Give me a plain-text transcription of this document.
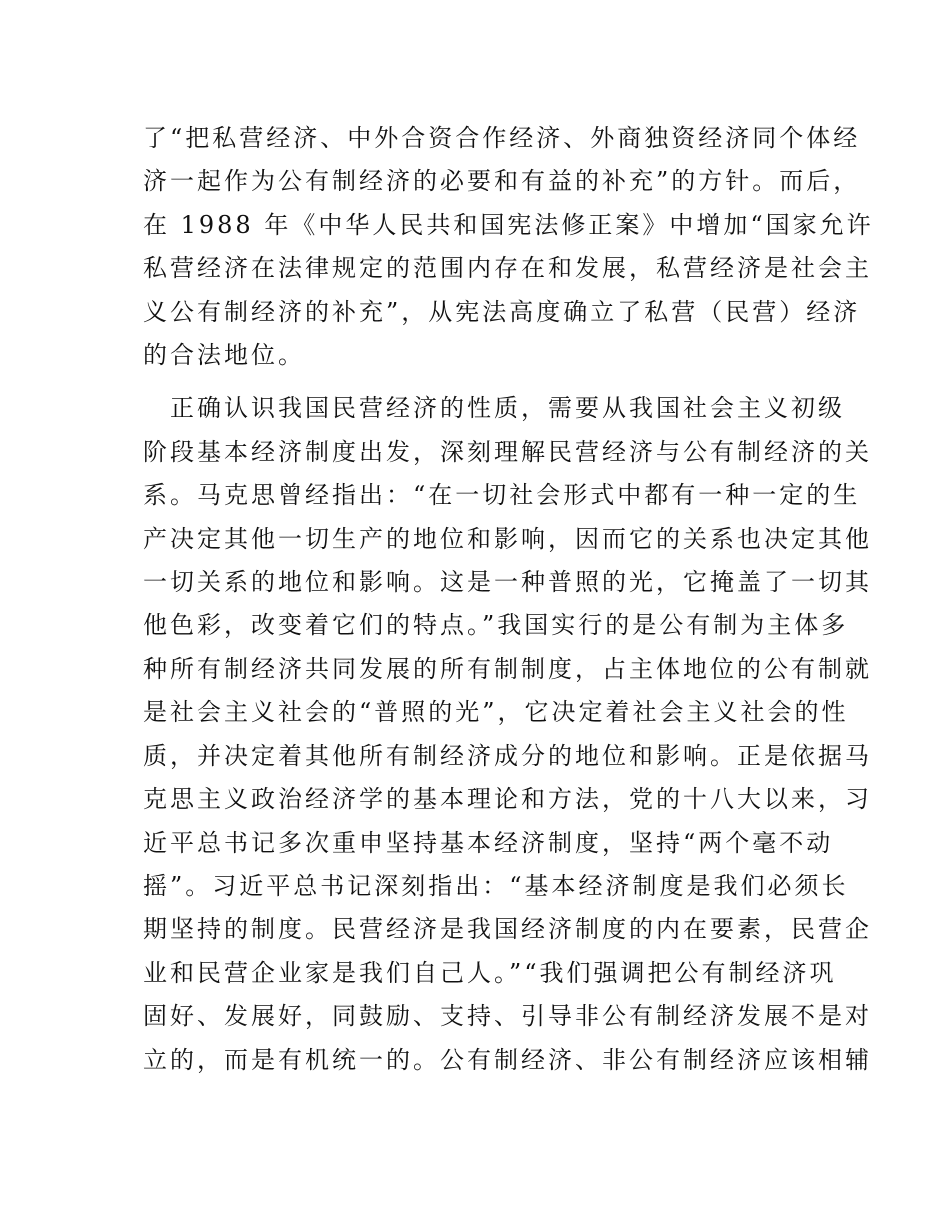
了“把私营经济、中外合资合作经济、外商独资经济同个体经
济一起作为公有制经济的必要和有益的补充”的方针。而后，
在 1988 年《中华人民共和国宪法修正案》中增加“国家允许
私营经济在法律规定的范围内存在和发展，私营经济是社会主
义公有制经济的补充”，从宪法高度确立了私营（民营）经济
的合法地位。
正确认识我国民营经济的性质，需要从我国社会主义初级
阶段基本经济制度出发，深刻理解民营经济与公有制经济的关
系。马克思曾经指出：“在一切社会形式中都有一种一定的生
产决定其他一切生产的地位和影响，因而它的关系也决定其他
一切关系的地位和影响。这是一种普照的光，它掩盖了一切其
他色彩，改变着它们的特点。”我国实行的是公有制为主体多
种所有制经济共同发展的所有制制度，占主体地位的公有制就
是社会主义社会的“普照的光”，它决定着社会主义社会的性
质，并决定着其他所有制经济成分的地位和影响。正是依据马
克思主义政治经济学的基本理论和方法，党的十八大以来，习
近平总书记多次重申坚持基本经济制度，坚持“两个毫不动
摇”。习近平总书记深刻指出：“基本经济制度是我们必须长
期坚持的制度。民营经济是我国经济制度的内在要素，民营企
业和民营企业家是我们自己人。”“我们强调把公有制经济巩
固好、发展好，同鼓励、支持、引导非公有制经济发展不是对
立的，而是有机统一的。公有制经济、非公有制经济应该相辅
